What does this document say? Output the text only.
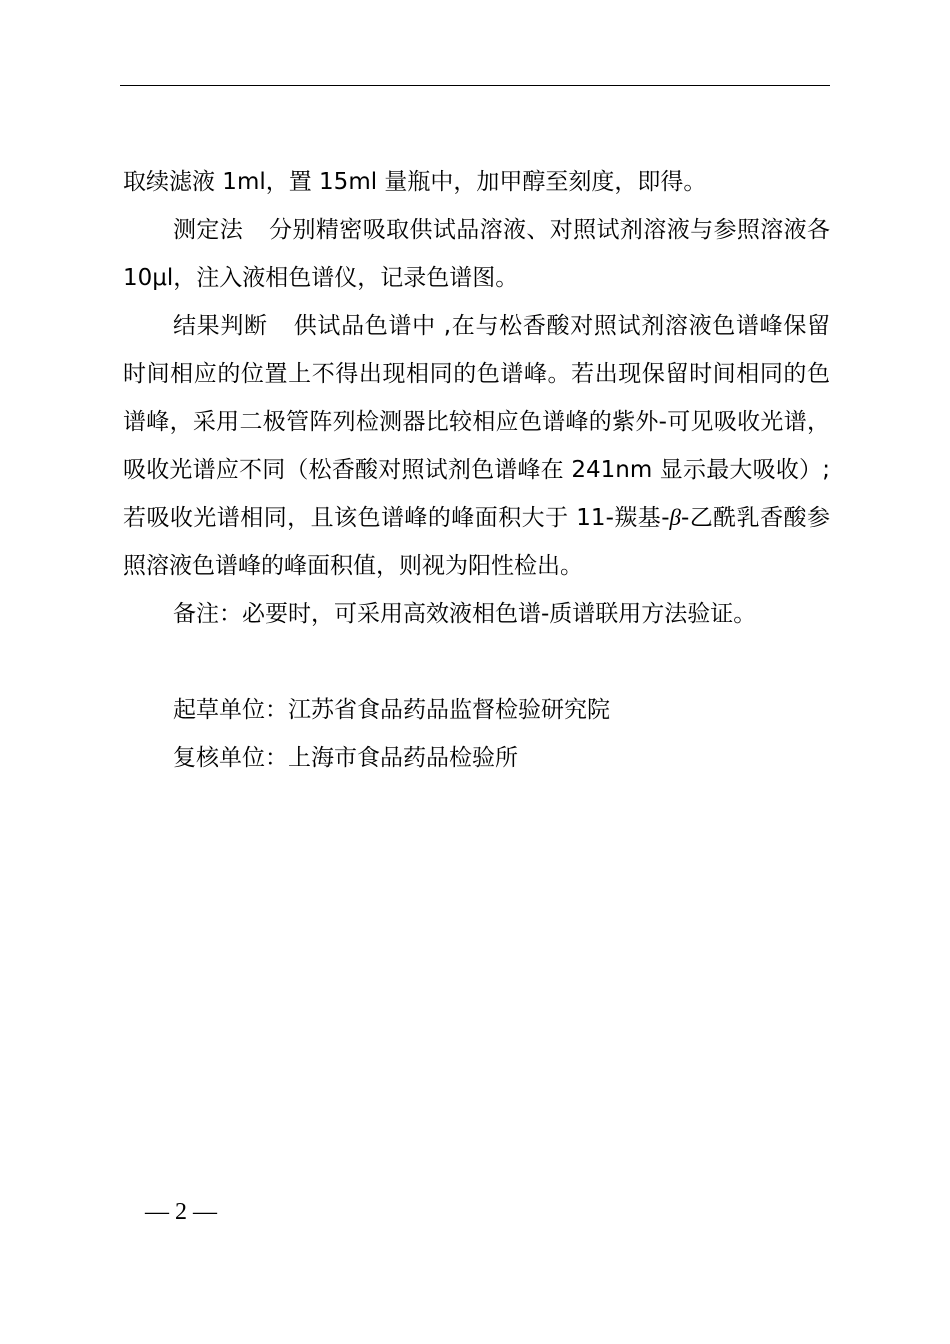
取续滤液 1ml，置 15ml 量瓶中，加甲醇至刻度，即得。

测定法 分别精密吸取供试品溶液、对照试剂溶液与参照溶液各 10μl，注入液相色谱仪，记录色谱图。

结果判断 供试品色谱中 ,在与松香酸对照试剂溶液色谱峰保留时间相应的位置上不得出现相同的色谱峰。若出现保留时间相同的色谱峰，采用二极管阵列检测器比较相应色谱峰的紫外-可见吸收光谱，吸收光谱应不同（松香酸对照试剂色谱峰在 241nm 显示最大吸收）; 若吸收光谱相同，且该色谱峰的峰面积大于 11-羰基-β-乙酰乳香酸参照溶液色谱峰的峰面积值，则视为阳性检出。

备注：必要时，可采用高效液相色谱-质谱联用方法验证。

起草单位：江苏省食品药品监督检验研究院

复核单位：上海市食品药品检验所

— 2 —
